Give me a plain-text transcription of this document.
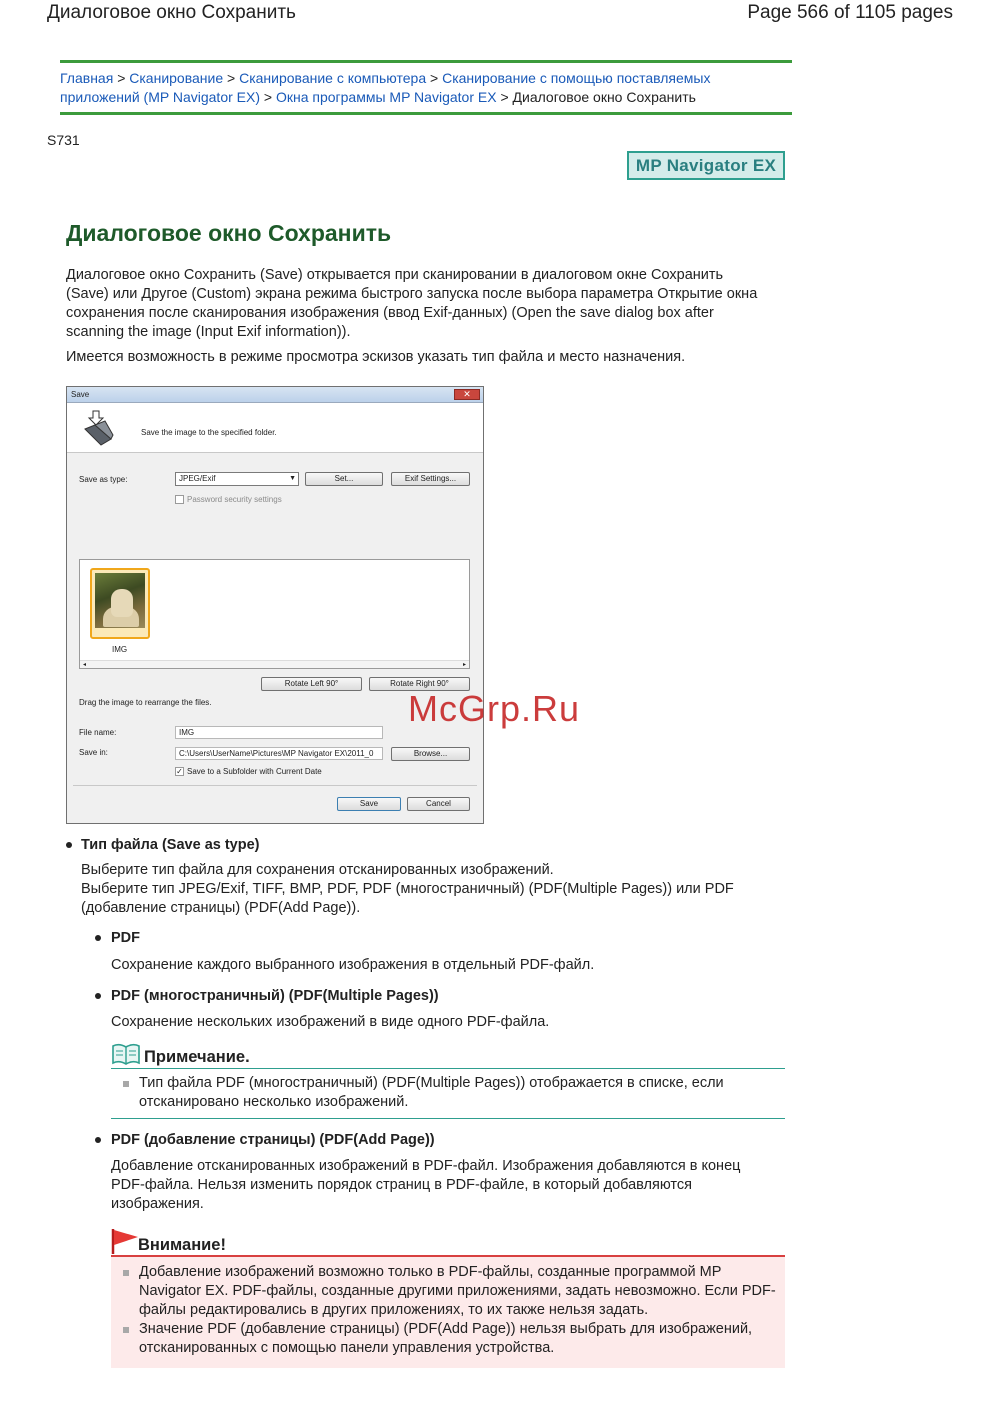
Диалоговое окно Сохранить	Page 566 of 1105 pages
Главная > Сканирование > Сканирование с компьютера > Сканирование с помощью поставляемых приложений (MP Navigator EX) > Окна программы MP Navigator EX > Диалоговое окно Сохранить
S731
MP Navigator EX
Диалоговое окно Сохранить

Диалоговое окно Сохранить (Save) открывается при сканировании в диалоговом окне Сохранить (Save) или Другое (Custom) экрана режима быстрого запуска после выбора параметра Открытие окна сохранения после сканирования изображения (ввод Exif-данных) (Open the save dialog box after scanning the image (Input Exif information)).

Имеется возможность в режиме просмотра эскизов указать тип файла и место назначения.

Save	✕
Save the image to the specified folder.
Save as type:	JPEG/Exif	▼	Set...	Exif Settings...
Password security settings
IMG
◂	▸
Rotate Left 90°	Rotate Right 90°
Drag the image to rearrange the files.
File name:	IMG
Save in:	C:\Users\UserName\Pictures\MP Navigator EX\2011_0	Browse...
✓ Save to a Subfolder with Current Date
Save	Cancel
McGrp.Ru
Тип файла (Save as type)

Выберите тип файла для сохранения отсканированных изображений.

Выберите тип JPEG/Exif, TIFF, BMP, PDF, PDF (многостраничный) (PDF(Multiple Pages)) или PDF (добавление страницы) (PDF(Add Page)).

PDF

Сохранение каждого выбранного изображения в отдельный PDF-файл.

PDF (многостраничный) (PDF(Multiple Pages))

Сохранение нескольких изображений в виде одного PDF-файла.

Примечание.
Тип файла PDF (многостраничный) (PDF(Multiple Pages)) отображается в списке, если отсканировано несколько изображений.
PDF (добавление страницы) (PDF(Add Page))

Добавление отсканированных изображений в PDF-файл. Изображения добавляются в конец PDF-файла. Нельзя изменить порядок страниц в PDF-файле, в который добавляются изображения.

Внимание!
Добавление изображений возможно только в PDF-файлы, созданные программой MP Navigator EX. PDF-файлы, созданные другими приложениями, задать невозможно. Если PDF-файлы редактировались в других приложениях, то их также нельзя задать.
Значение PDF (добавление страницы) (PDF(Add Page)) нельзя выбрать для изображений, отсканированных с помощью панели управления устройства.
